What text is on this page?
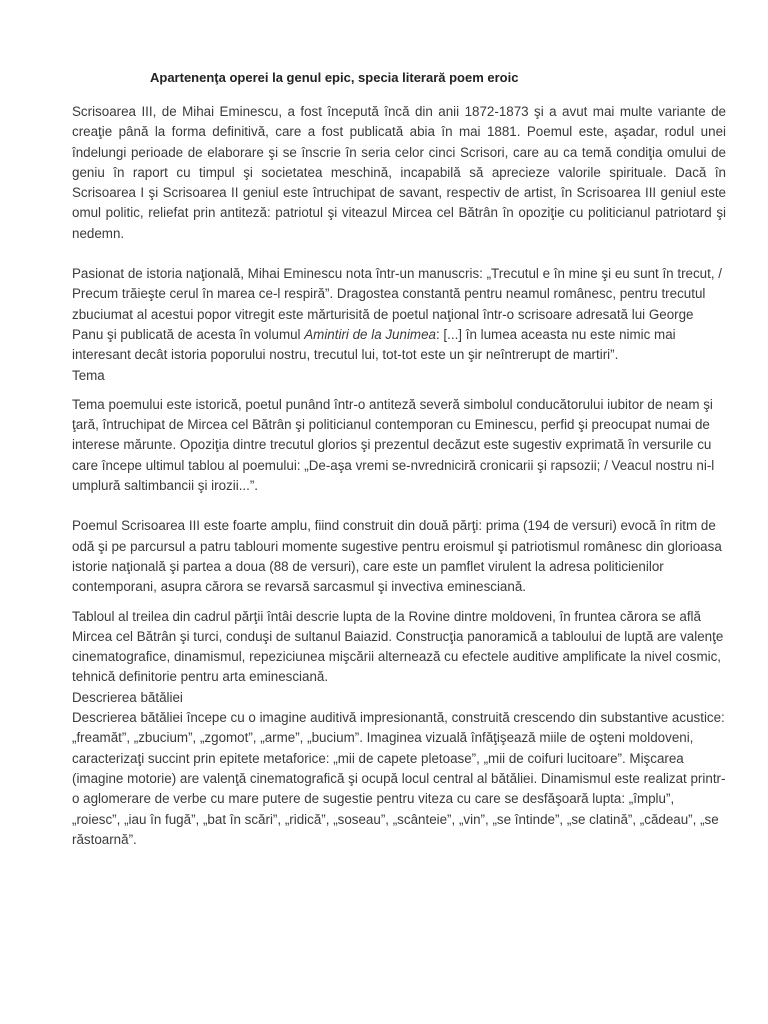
Apartenenţa operei la genul epic, specia literară poem eroic

Scrisoarea III, de Mihai Eminescu, a fost începută încă din anii 1872-1873 şi a avut mai multe variante de creaţie până la forma definitivă, care a fost publicată abia în mai 1881. Poemul este, aşadar, rodul unei îndelungi perioade de elaborare şi se înscrie în seria celor cinci Scrisori, care au ca temă condiţia omului de geniu în raport cu timpul şi societatea meschină, incapabilă să aprecieze valorile spirituale. Dacă în Scrisoarea I şi Scrisoarea II geniul este întruchipat de savant, respectiv de artist, în Scrisoarea III geniul este omul politic, reliefat prin antiteză: patriotul şi viteazul Mircea cel Bătrân în opoziţie cu politicianul patriotard şi nedemn.

Pasionat de istoria naţională, Mihai Eminescu nota într-un manuscris: „Trecutul e în mine şi eu sunt în trecut, / Precum trăieşte cerul în marea ce-l respiră”. Dragostea constantă pentru neamul românesc, pentru trecutul zbuciumat al acestui popor vitregit este mărturisită de poetul naţional într-o scrisoare adresată lui George Panu şi publicată de acesta în volumul Amintiri de la Junimea: [...] în lumea aceasta nu este nimic mai interesant decât istoria poporului nostru, trecutul lui, tot-tot este un şir neîntrerupt de martiri”.

Tema

Tema poemului este istorică, poetul punând într-o antiteză severă simbolul conducătorului iubitor de neam şi ţară, întruchipat de Mircea cel Bătrân şi politicianul contemporan cu Eminescu, perfid şi preocupat numai de interese mărunte. Opoziţia dintre trecutul glorios şi prezentul decăzut este sugestiv exprimată în versurile cu care începe ultimul tablou al poemului: „De-aşa vremi se-nvredniciră cronicarii şi rapsozii; / Veacul nostru ni-l umplură saltimbancii şi irozii...”.

Poemul Scrisoarea III este foarte amplu, fiind construit din două părţi: prima (194 de versuri) evocă în ritm de odă şi pe parcursul a patru tablouri momente sugestive pentru eroismul şi patriotismul românesc din glorioasa istorie naţională şi partea a doua (88 de versuri), care este un pamflet virulent la adresa politicienilor contemporani, asupra cărora se revarsă sarcasmul şi invectiva eminesciană.

Tabloul al treilea din cadrul părţii întâi descrie lupta de la Rovine dintre moldoveni, în fruntea cărora se află Mircea cel Bătrân şi turci, conduşi de sultanul Baiazid. Construcţia panoramică a tabloului de luptă are valenţe cinematografice, dinamismul, repeziciunea mişcării alternează cu efectele auditive amplificate la nivel cosmic, tehnică definitorie pentru arta eminesciană.

Descrierea bătăliei

Descrierea bătăliei începe cu o imagine auditivă impresionantă, construită crescendo din substantive acustice: „freamăt”, „zbucium”, „zgomot”, „arme”, „bucium”. Imaginea vizuală înfăţişează miile de oşteni moldoveni, caracterizaţi succint prin epitete metaforice: „mii de capete pletoase”, „mii de coifuri lucitoare”. Mişcarea (imagine motorie) are valenţă cinematografică şi ocupă locul central al bătăliei. Dinamismul este realizat printr-o aglomerare de verbe cu mare putere de sugestie pentru viteza cu care se desfăşoară lupta: „împlu”, „roiesc”, „iau în fugă”, „bat în scări”, „ridică”, „soseau”, „scânteie”, „vin”, „se întinde”, „se clatină”, „cădeau”, „se răstoarnă”.
